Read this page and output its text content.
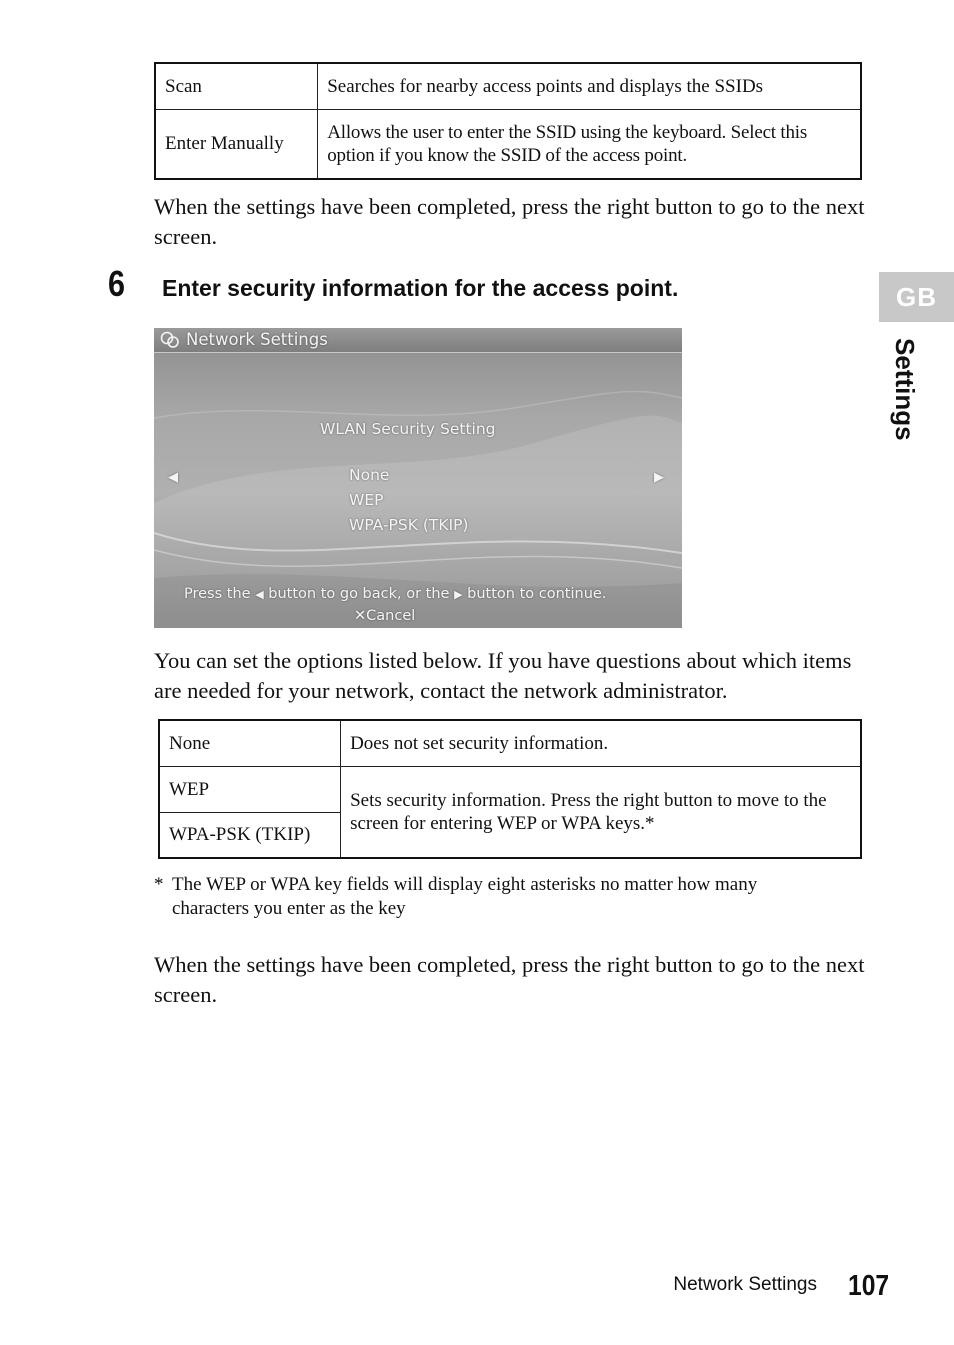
Scan	Searches for nearby access points and displays the SSIDs
Enter Manually	Allows the user to enter the SSID using the keyboard. Select this option if you know the SSID of the access point.
When the settings have been completed, press the right button to go to the next screen.
6 Enter security information for the access point.
Network Settings
WLAN Security Setting
◀	▶
None
WEP
WPA-PSK (TKIP)
Press the ◀ button to go back, or the ▶ button to continue.
✕Cancel
You can set the options listed below. If you have questions about which items are needed for your network, contact the network administrator.
None	Does not set security information.
WEP	Sets security information. Press the right button to move to the screen for entering WEP or WPA keys.*
WPA-PSK (TKIP)	
* The WEP or WPA key fields will display eight asterisks no matter how many characters you enter as the key
When the settings have been completed, press the right button to go to the next screen.
GB
Settings
Network Settings 107
